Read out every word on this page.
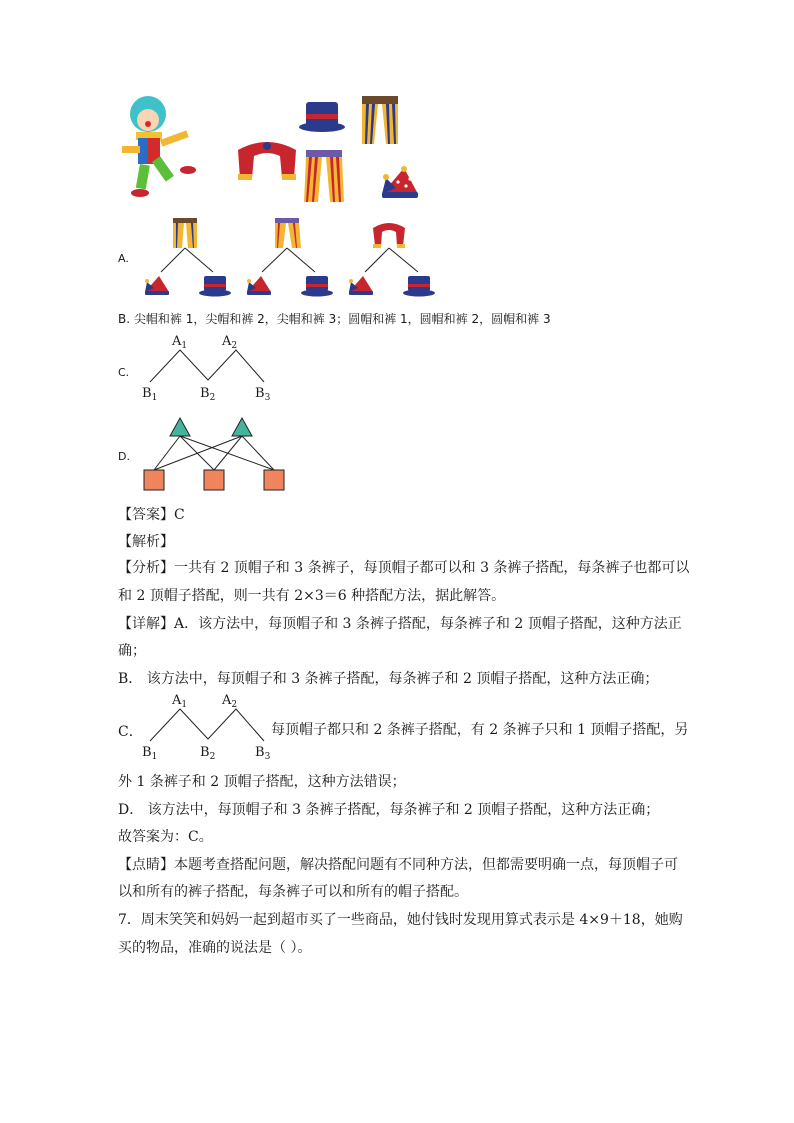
A.
B. 尖帽和裤 1，尖帽和裤 2，尖帽和裤 3；圆帽和裤 1，圆帽和裤 2，圆帽和裤 3
C.
$A_1$	$A_2$
$B_1$	$B_2$	$B_3$
D.
【答案】C
【解析】
【分析】一共有 2 顶帽子和 3 条裤子，每顶帽子都可以和 3 条裤子搭配，每条裤子也都可以
和 2 顶帽子搭配，则一共有 2×3＝6 种搭配方法，据此解答。
【详解】A．该方法中，每顶帽子和 3 条裤子搭配，每条裤子和 2 顶帽子搭配，这种方法正
确；
B． 该方法中，每顶帽子和 3 条裤子搭配，每条裤子和 2 顶帽子搭配，这种方法正确；
C．
$A_1$	$A_2$
$B_1$	$B_2$	$B_3$
每顶帽子都只和 2 条裤子搭配，有 2 条裤子只和 1 顶帽子搭配，另
外 1 条裤子和 2 顶帽子搭配，这种方法错误；
D． 该方法中，每顶帽子和 3 条裤子搭配，每条裤子和 2 顶帽子搭配，这种方法正确；
故答案为：C。
【点睛】本题考查搭配问题，解决搭配问题有不同种方法，但都需要明确一点，每顶帽子可
以和所有的裤子搭配，每条裤子可以和所有的帽子搭配。
7．周末笑笑和妈妈一起到超市买了一些商品，她付钱时发现用算式表示是 4×9＋18，她购
买的物品，准确的说法是（ ）。
